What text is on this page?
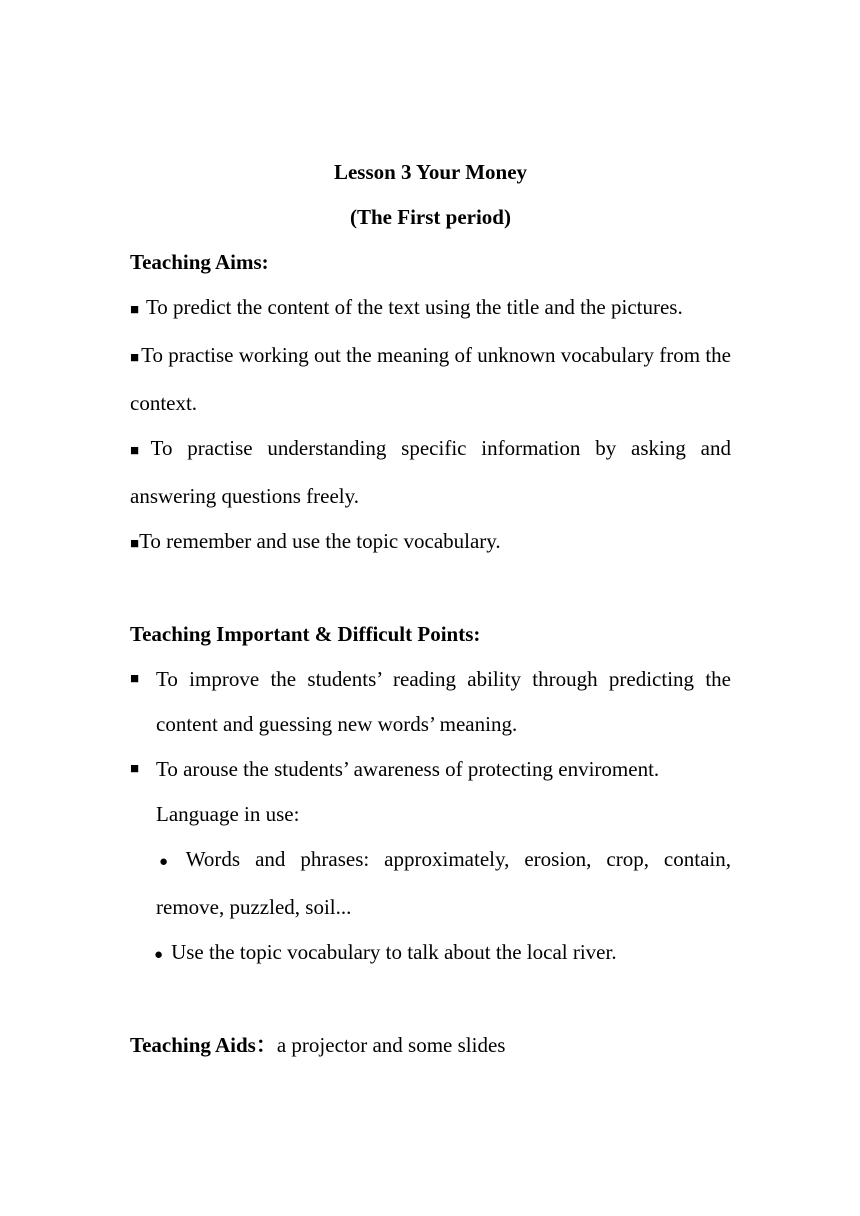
Lesson 3 Your Money
(The First period)
Teaching Aims:
■ To predict the content of the text using the title and the pictures.
■To practise working out the meaning of unknown vocabulary from the context.
■To practise understanding specific information by asking and answering questions freely.
■To remember and use the topic vocabulary.
Teaching Important & Difficult Points:
■ To improve the students’ reading ability through predicting the content and guessing new words’ meaning.
■ To arouse the students’ awareness of protecting enviroment.
Language in use:
● Words and phrases: approximately, erosion, crop, contain, remove, puzzled, soil...
● Use the topic vocabulary to talk about the local river.
Teaching Aids：a projector and some slides
